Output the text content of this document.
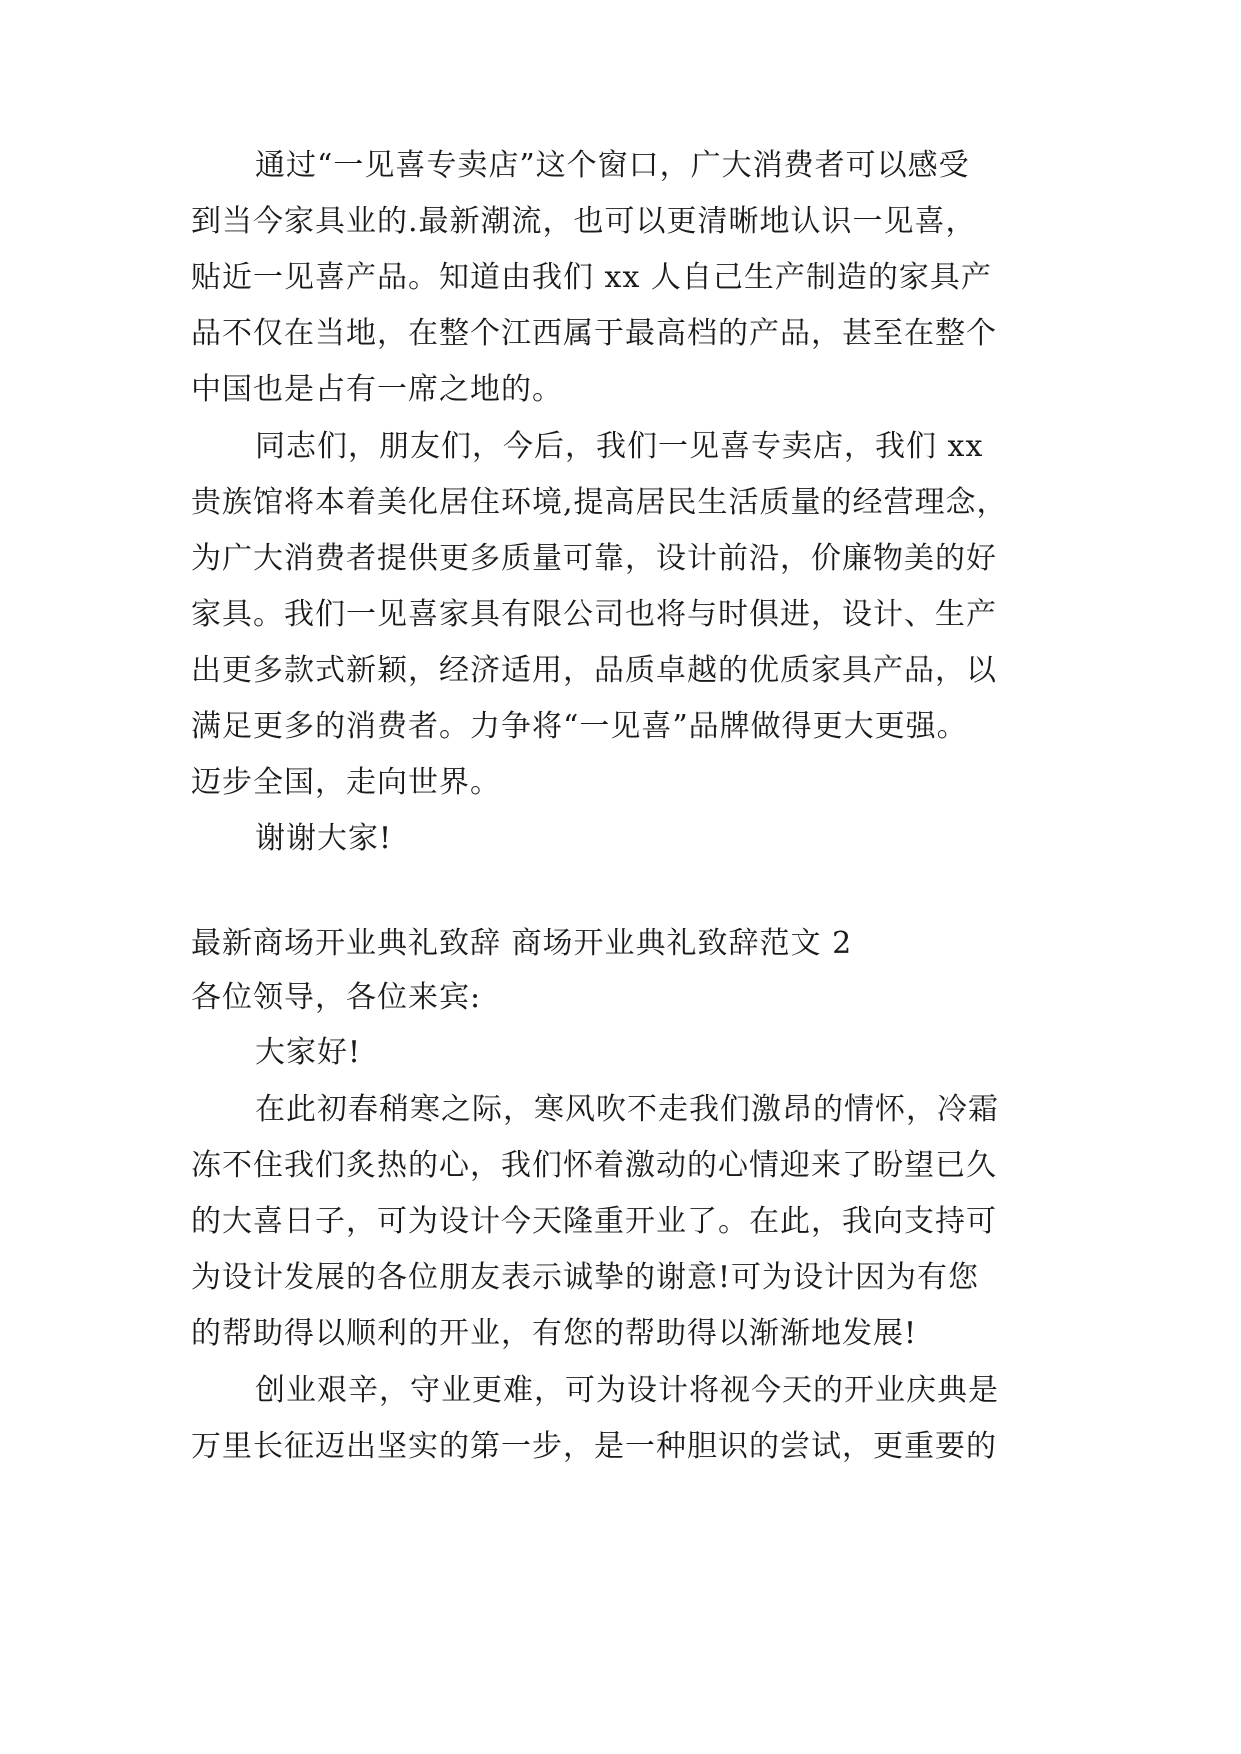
通过“一见喜专卖店”这个窗口，广大消费者可以感受
到当今家具业的.最新潮流，也可以更清晰地认识一见喜，
贴近一见喜产品。知道由我们 xx 人自己生产制造的家具产
品不仅在当地，在整个江西属于最高档的产品，甚至在整个
中国也是占有一席之地的。
同志们，朋友们，今后，我们一见喜专卖店，我们 xx
贵族馆将本着美化居住环境,提高居民生活质量的经营理念，
为广大消费者提供更多质量可靠，设计前沿，价廉物美的好
家具。我们一见喜家具有限公司也将与时俱进，设计、生产
出更多款式新颖，经济适用，品质卓越的优质家具产品，以
满足更多的消费者。力争将“一见喜”品牌做得更大更强。
迈步全国，走向世界。
谢谢大家!
最新商场开业典礼致辞 商场开业典礼致辞范文 2
各位领导，各位来宾:
大家好!
在此初春稍寒之际，寒风吹不走我们激昂的情怀，冷霜
冻不住我们炙热的心，我们怀着激动的心情迎来了盼望已久
的大喜日子，可为设计今天隆重开业了。在此，我向支持可
为设计发展的各位朋友表示诚挚的谢意!可为设计因为有您
的帮助得以顺利的开业，有您的帮助得以渐渐地发展!
创业艰辛，守业更难，可为设计将视今天的开业庆典是
万里长征迈出坚实的第一步，是一种胆识的尝试，更重要的
